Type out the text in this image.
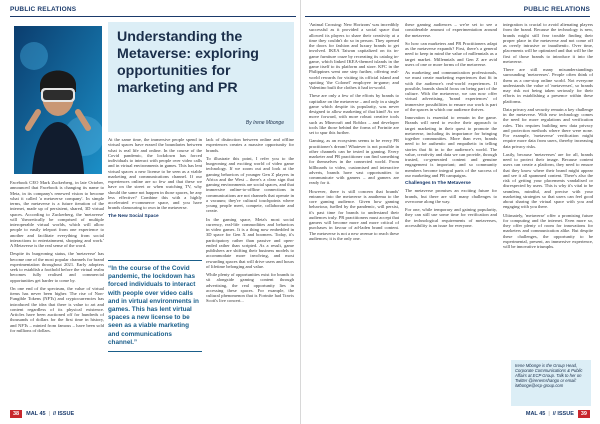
PUBLIC RELATIONS
Understanding the Metaverse: exploring opportunities for marketing and PR
By Irene Mbonge

Facebook CEO Mark Zuckerberg, in late October, announced that Facebook is changing its name to Meta, in its company's renewed vision to become what it called 'a metaverse company'. In simple terms, the metaverse is a future iteration of the internet, made up of persistent, shared, 3D virtual spaces. According to Zuckerberg, the 'metaverse' will 'theoretically be comprised of multiple interoperable virtual worlds, which will allow people to easily teleport from one experience to another and facilitate everything from social interactions to entertainment, shopping and work.' A Metaverse is the real sense of the word.

Despite its burgeoning status, the 'metaverse' has become one of the most popular channels for brand experimentation throughout 2021. Early adopters seek to establish a foothold before the virtual realm becomes fully realised and commercial opportunities get harder to come by.

On one end of the spectrum, the value of virtual items has never been higher. The rise of Non-Fungible Tokens (NFTs) and cryptocurrencies has introduced the idea that there is value to art and content regardless of its physical existence. Articles have been auctioned off for hundreds of thousands of dollars for the first time in history, and NFTs – minted from famous – have been sold for millions of dollars.

At the same time, the immersive people spend in virtual spaces have erased the boundaries between what is real life and online. In the course of the Covid pandemic, the lockdown has forced individuals to interact with people over video calls and in virtual environments in games. This has lent virtual spaces a new license to be seen as a viable marketing and communications channel. If our experiences online are so few and that these we have on the street or when watching TV, why should the same not happen in those spaces, be any less effective? Combine this with a highly accelerated e-commerce space, and you have brands clamouring to own in the metaverse.

The New Social Space
“In the course of the Covid pandemic, the lockdown has forced individuals to interact with people over video calls and in virtual environments in games. This has lent virtual spaces a new license to be seen as a viable marketing and communications channel.”

lack of distinction between online and offline experiences creates a massive opportunity for brands.

To illustrate this point, I refer you to the burgeoning and exciting world of video game technology. If we zoom out and look at the gaming behaviors of younger Gen Z players in Africa and the West – there's a clear sign that gaming environments are social spaces, and that immersive online-to-offline connections in communications are not channels that operate in a vacuum; they're cultural touchpoints where young people meet, compete, collaborate and create.

In the gaming space, Meta's most social currency, real-life commodities and behaviors in video games. It is a thing now embedded in 3D space for Gen X and boomers. Today, it's participatory rather than passive and open-ended rather than scripted. As a result, game publishers are shifting their business models to accommodate more involving, and most rewarding spaces that will drive users and hours of lifetime belonging and value.

While plenty of opportunities exist for brands to sit alongside gaming content through advertising, the real opportunity lies in accessing these spaces. For example, the cultural phenomenon that is Fortnite had Travis Scott's live concert...

38	MAL 45 | // ISSUE
PUBLIC RELATIONS

'Animal Crossing: New Horizons' was incredibly successful as it provided a social space that allowed its players to share their creativity at a time they couldn't do so in person. They opened the doors for fashion and luxury brands to get involved. IKEA Taiwan capitalized on its in-game furniture craze by recreating its catalog in-game, which linked IKEA-themed islands in the game itself to its platform and store. KFC in the Philippines went one step further, offering real-world rewards for visiting its official island and spotting 'the Colonel' employee in-game; and Valentino built the clothes it had in-world.

These are only a few of the efforts by brands to capitalize on the metaverse – and only in a single game which despite its popularity, was never designed to allow marketing of that kind! As we move forward, with more robust creative tools such as Minecraft and Roblox – and developer tools like those behind the forms of Fortnite are set to spur this further.

Gaming, as an ecosystem seems to be every PR practitioner's dream! Whatever is not possible in other channels can be tested in gaming. Every marketer and PR practitioner can find something for themselves in the connected world. From billboards to video, customised and interactive adverts, brands have vast opportunities to communicate with gamers – and gamers are ready for it.

However, there is still concern that brands' entrance into the metaverse is anathema to the core gaming audience. Given how gaming behaviour, fuelled by the pandemic, will persist, it's past time for brands to understand their audiences truly. PR practitioners must accept that gamers will become more and more critical of purchases in favour of ad-laden brand content. The metaverse is not a new avenue to reach these audiences; it is the only one.

these gaming audiences – we're set to see a considerable amount of experimentation around the metaverse.

So how can marketers and PR Practitioners adapt as the metaverse expands? First, there's a general need to keep in mind the value of millennials as a target market. Millennials and Gen Z are avid users of one or more forms of the metaverse.

As marketing and communication professionals, we must create marketing experiences that fit in with the audience's real-world experiences. If possible, brands should focus on being part of the culture. With the metaverse, we can now offer virtual advertising, 'brand experiences' of immersive possibilities to ensure our work is part of the spaces in which our audience thrives.

Innovation is essential to remain in the game. Brands will need to evolve their approach to target marketing in their quest to promote the metaverse, including its importance for bringing together communities. More than ever, brands need to be authentic and empathetic in telling stories that fit in to the audience's world. The value, creativity and data we can provide, through trusted, co-generated content and genuine engagement is important; and so community members become integral parts of the success of our marketing and PR campaigns.

Challenges In The Metaverse

The metaverse promises an exciting future for brands, but there are still many challenges to overcome along the way.

For one, while temporary and gaining popularity, they can still use some time for verification and the technological requirements of metaverses, accessibility is an issue for everyone.

integration is crucial to avoid alienating players from the brand. Because the technology is new, brands might still fear trouble finding their proper place in the metaverse and not come off as overly intrusive or inauthentic. Over time, placements will be optimized and that will be the first of those brands to introduce it into the metaverse.

There are still many misunderstandings surrounding 'metaverses'. People often think of them as a one-stop online world. Not everyone understands the value of 'metaverses', so brands may risk not being taken seriously for their efforts in establishing a presence within these platforms.

Data privacy and security remain a key challenge in the metaverse. With new technology comes the need for more regulations and verification rules. This requires building new data privacy and protection methods where there were none. For example, 'metaverse' verification might require more data from users, thereby increasing data privacy risks.

Lastly, because 'metaverses' are for all, brands need to protect their image. Because content users can create a platform, they need to ensure that they know where their brand might appear and see it all spammed content. There's also the risk of getting your placements vandalised or disrespected by users. This is why it's vital to be seamless, mindful, and precise with your marketing strategies so that users can feel good about sharing the virtual space with you and engaging with you there.

Ultimately, 'metaverse' offer a promising future for computing and the internet. Even more so, they offer plenty of room for innovations for marketers and communication alike. But despite these challenges, the opportunity to be experimental, present, an immersive experience, will be innovative triumphs.

Irene Mbonge is the Group Head, Corporate Communications & Public Affairs at ECP Group. Talk to her on Twitter @irenemshango or email: iMbonge@ecp-group.com
MAL 45 | // ISSUE	39
